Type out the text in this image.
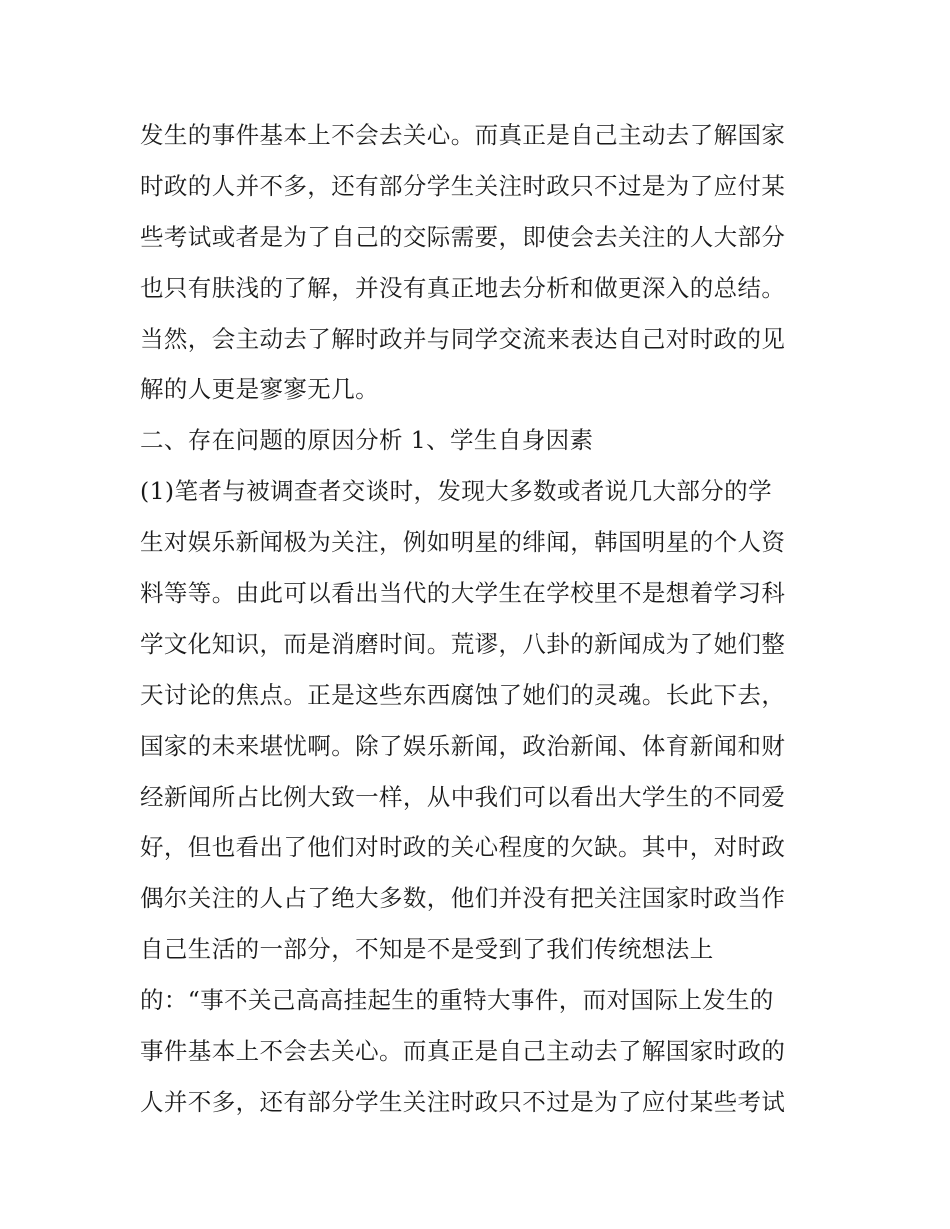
发生的事件基本上不会去关心。而真正是自己主动去了解国家
时政的人并不多，还有部分学生关注时政只不过是为了应付某
些考试或者是为了自己的交际需要，即使会去关注的人大部分
也只有肤浅的了解，并没有真正地去分析和做更深入的总结。
当然，会主动去了解时政并与同学交流来表达自己对时政的见
解的人更是寥寥无几。
二、存在问题的原因分析 1、学生自身因素
(1)笔者与被调查者交谈时，发现大多数或者说几大部分的学
生对娱乐新闻极为关注，例如明星的绯闻，韩国明星的个人资
料等等。由此可以看出当代的大学生在学校里不是想着学习科
学文化知识，而是消磨时间。荒谬，八卦的新闻成为了她们整
天讨论的焦点。正是这些东西腐蚀了她们的灵魂。长此下去，
国家的未来堪忧啊。除了娱乐新闻，政治新闻、体育新闻和财
经新闻所占比例大致一样，从中我们可以看出大学生的不同爱
好，但也看出了他们对时政的关心程度的欠缺。其中，对时政
偶尔关注的人占了绝大多数，他们并没有把关注国家时政当作
自己生活的一部分，不知是不是受到了我们传统想法上
的：“事不关己高高挂起生的重特大事件，而对国际上发生的
事件基本上不会去关心。而真正是自己主动去了解国家时政的
人并不多，还有部分学生关注时政只不过是为了应付某些考试
